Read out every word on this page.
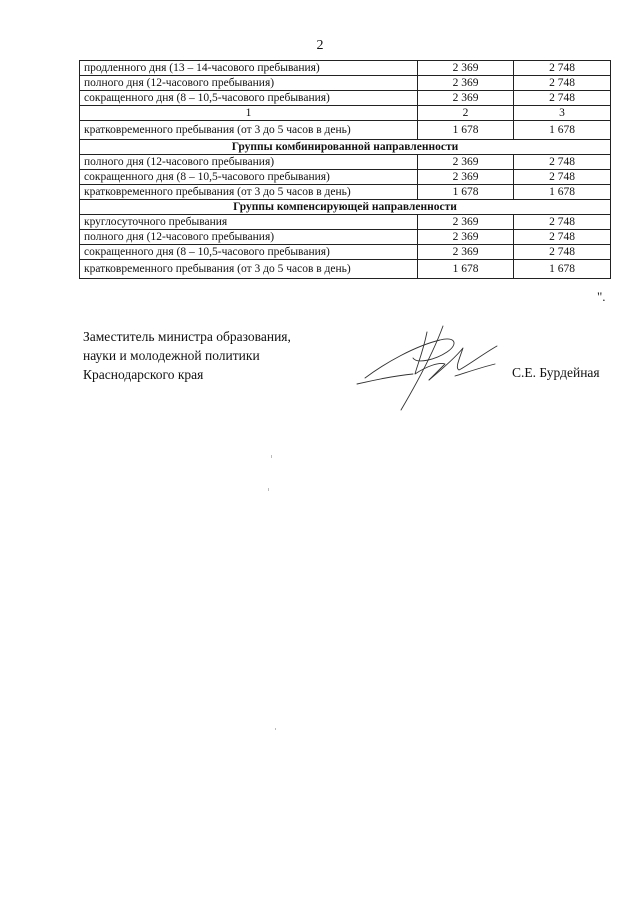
2
продленного дня (13 – 14-часового пребывания)	2 369	2 748
полного дня (12-часового пребывания)	2 369	2 748
сокращенного дня (8 – 10,5-часового пребывания)	2 369	2 748
1	2	3
кратковременного пребывания (от 3 до 5 часов в день)	1 678	1 678
Группы комбинированной направленности		
полного дня (12-часового пребывания)	2 369	2 748
сокращенного дня (8 – 10,5-часового пребывания)	2 369	2 748
кратковременного пребывания (от 3 до 5 часов в день)	1 678	1 678
Группы компенсирующей направленности		
круглосуточного пребывания	2 369	2 748
полного дня (12-часового пребывания)	2 369	2 748
сокращенного дня (8 – 10,5-часового пребывания)	2 369	2 748
кратковременного пребывания (от 3 до 5 часов в день)	1 678	1 678
".
Заместитель министра образования,
науки и молодежной политики
Краснодарского края	С.Е. Бурдейная
